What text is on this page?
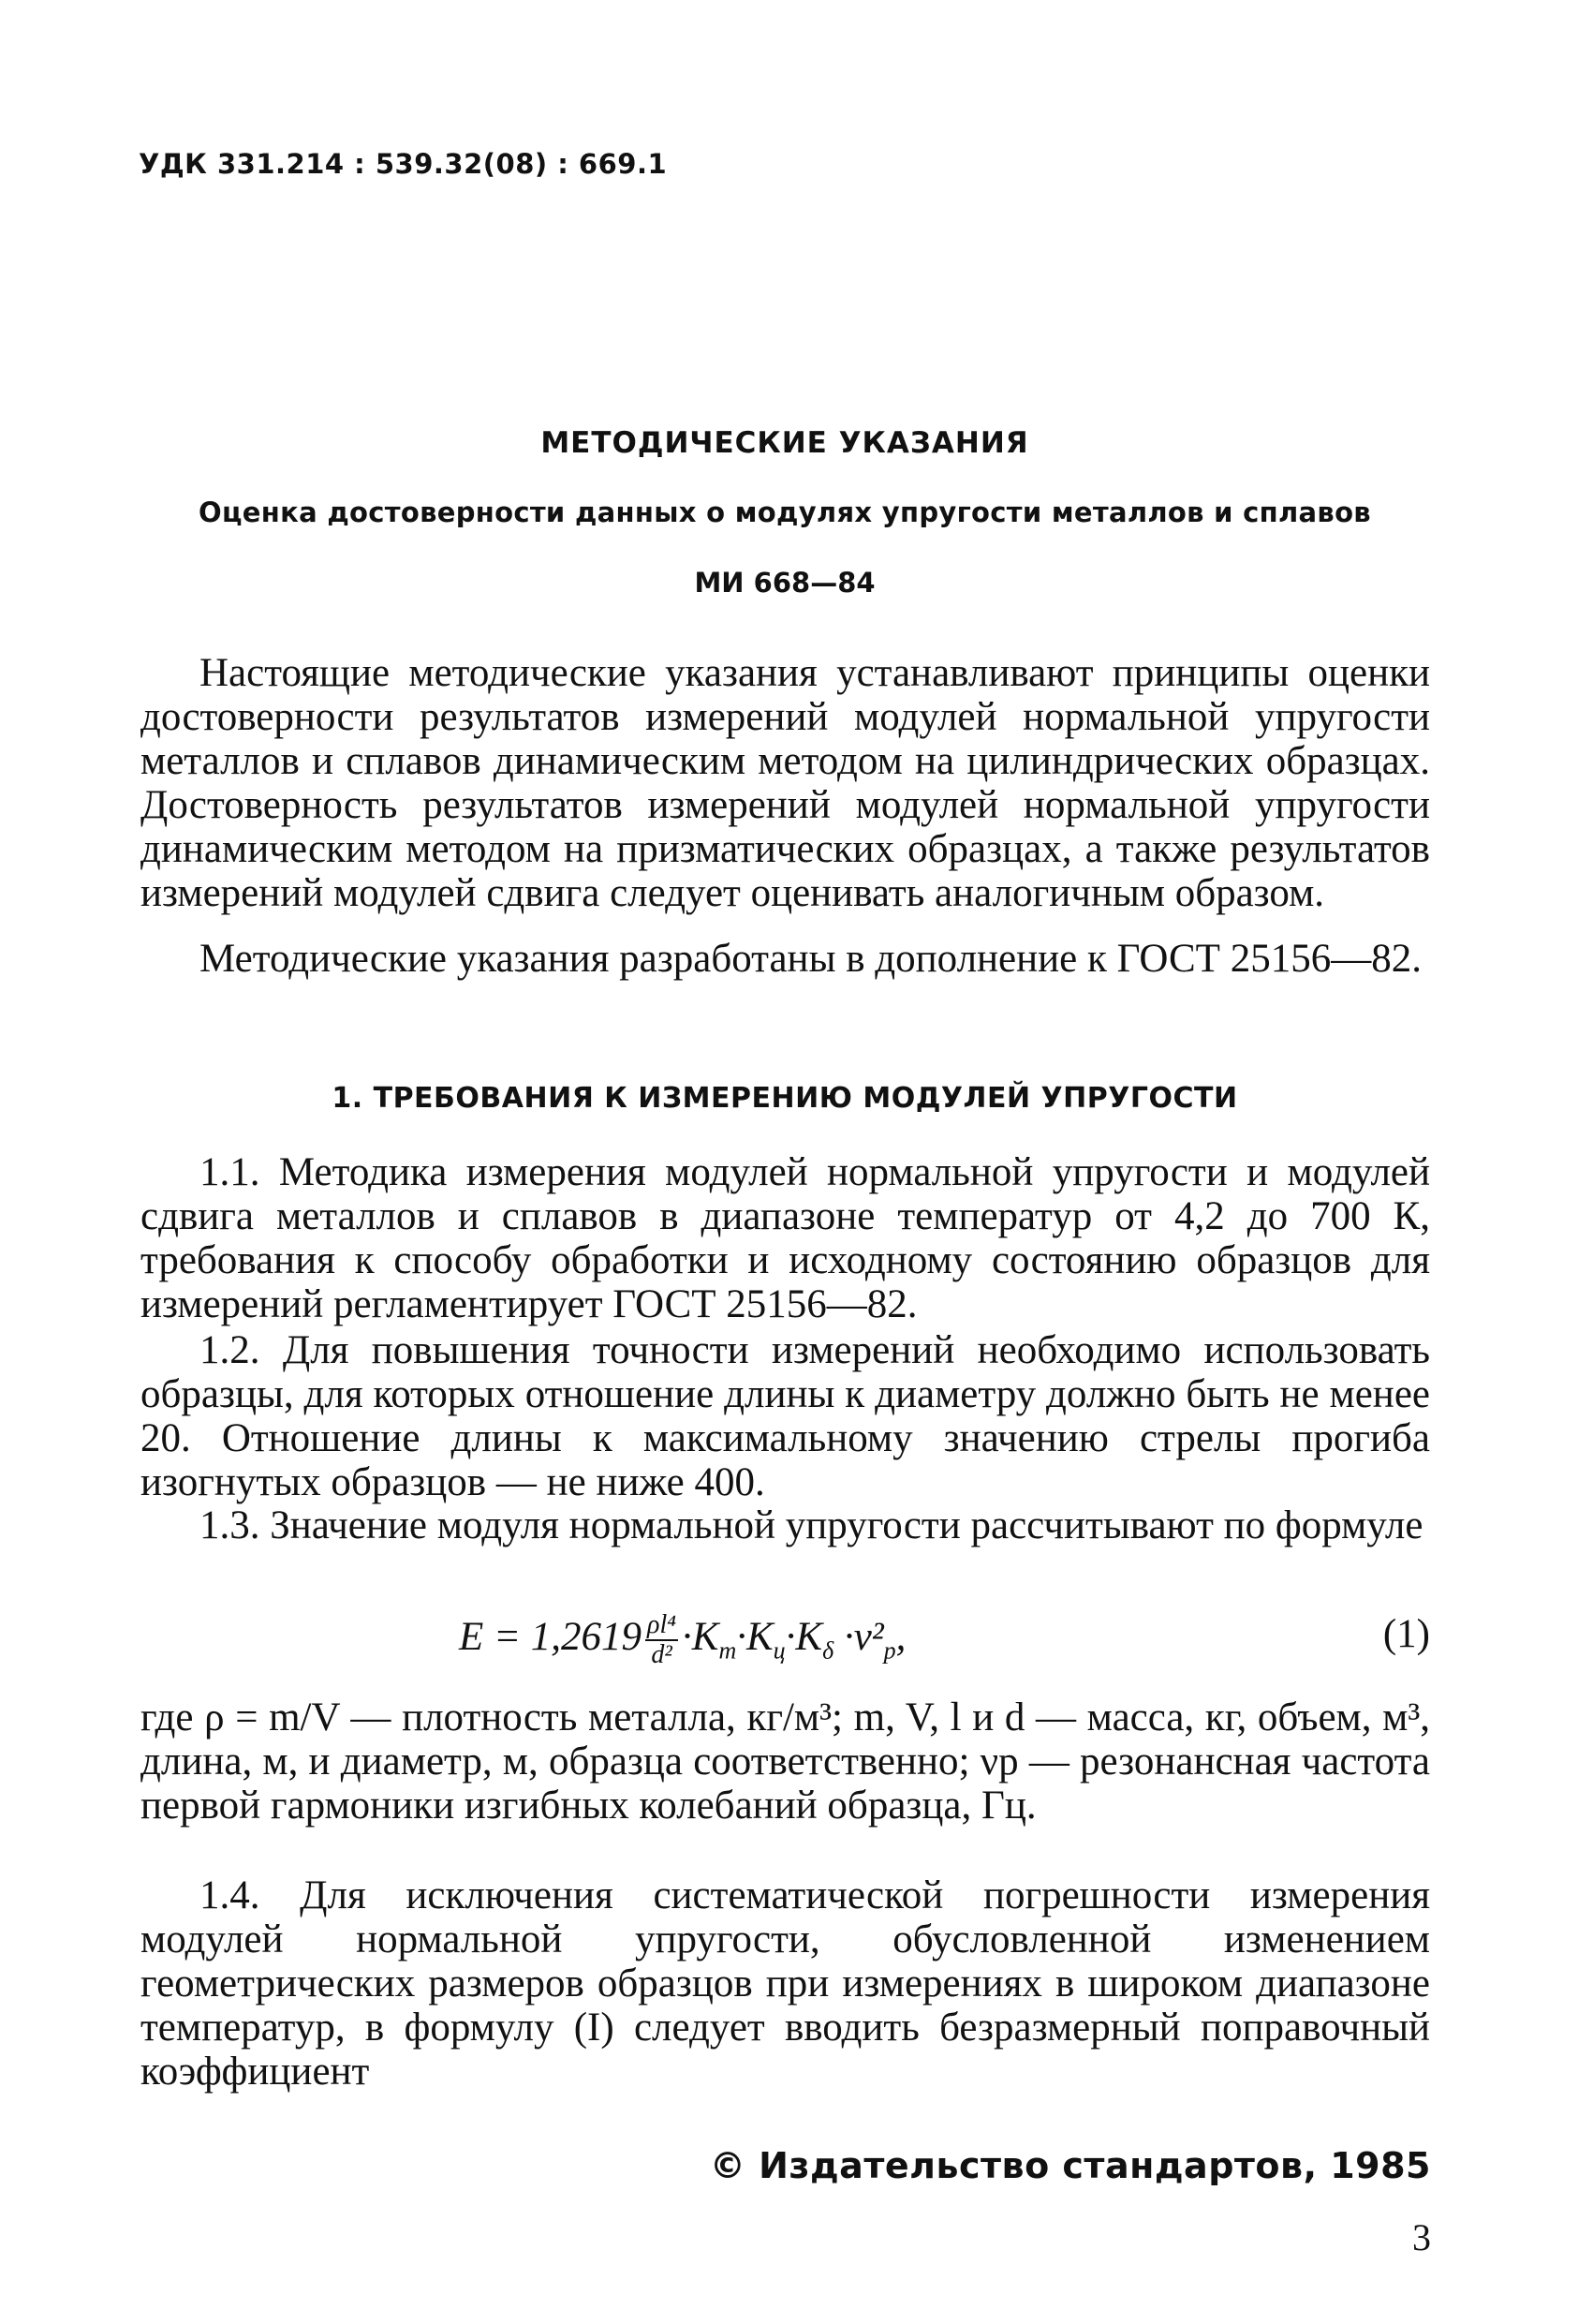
УДК 331.214 : 539.32(08) : 669.1
МЕТОДИЧЕСКИЕ УКАЗАНИЯ
Оценка достоверности данных о модулях упругости металлов и сплавов
МИ 668—84

Настоящие методические указания устанавливают принципы оценки достоверности результатов измерений модулей нормальной упругости металлов и сплавов динамическим методом на цилиндрических образцах. Достоверность результатов измерений модулей нормальной упругости динамическим методом на призматических образцах, а также результатов измерений модулей сдвига следует оценивать аналогичным образом.

Методические указания разработаны в дополнение к ГОСТ 25156—82.

1. ТРЕБОВАНИЯ К ИЗМЕРЕНИЮ МОДУЛЕЙ УПРУГОСТИ

1.1. Методика измерения модулей нормальной упругости и модулей сдвига металлов и сплавов в диапазоне температур от 4,2 до 700 К, требования к способу обработки и исходному состоянию образцов для измерений регламентирует ГОСТ 25156—82.

1.2. Для повышения точности измерений необходимо использовать образцы, для которых отношение длины к диаметру должно быть не менее 20. Отношение длины к максимальному значению стрелы прогиба изогнутых образцов — не ниже 400.

1.3. Значение модуля нормальной упругости рассчитывают по формуле

$E = 1,2619 \frac{\text{ρl⁴}}{\text{d²}} \cdot K_т\cdot K_ц\cdot K_\delta \cdot\nu^2_р$,	(1)

где ρ = m/V — плотность металла, кг/м³; m, V, l и d — масса, кг, объем, м³, длина, м, и диаметр, м, образца соответственно; νр — резонансная частота первой гармоники изгибных колебаний образца, Гц.

1.4. Для исключения систематической погрешности измерения модулей нормальной упругости, обусловленной изменением геометрических размеров образцов при измерениях в широком диапазоне температур, в формулу (I) следует вводить безразмерный поправочный коэффициент

© Издательство стандартов, 1985
3
